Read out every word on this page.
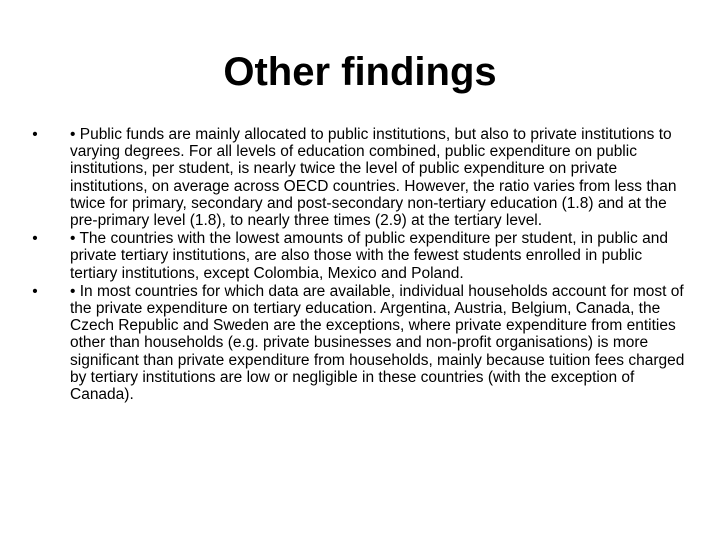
Other findings
• • Public funds are mainly allocated to public institutions, but also to private institutions to varying degrees. For all levels of education combined, public expenditure on public institutions, per student, is nearly twice the level of public expenditure on private institutions, on average across OECD countries. However, the ratio varies from less than twice for primary, secondary and post-secondary non-tertiary education (1.8) and at the pre-primary level (1.8), to nearly three times (2.9) at the tertiary level.
• • The countries with the lowest amounts of public expenditure per student, in public and private tertiary institutions, are also those with the fewest students enrolled in public tertiary institutions, except Colombia, Mexico and Poland.
• • In most countries for which data are available, individual households account for most of the private expenditure on tertiary education. Argentina, Austria, Belgium, Canada, the Czech Republic and Sweden are the exceptions, where private expenditure from entities other than households (e.g. private businesses and non-profit organisations) is more significant than private expenditure from households, mainly because tuition fees charged by tertiary institutions are low or negligible in these countries (with the exception of Canada).
